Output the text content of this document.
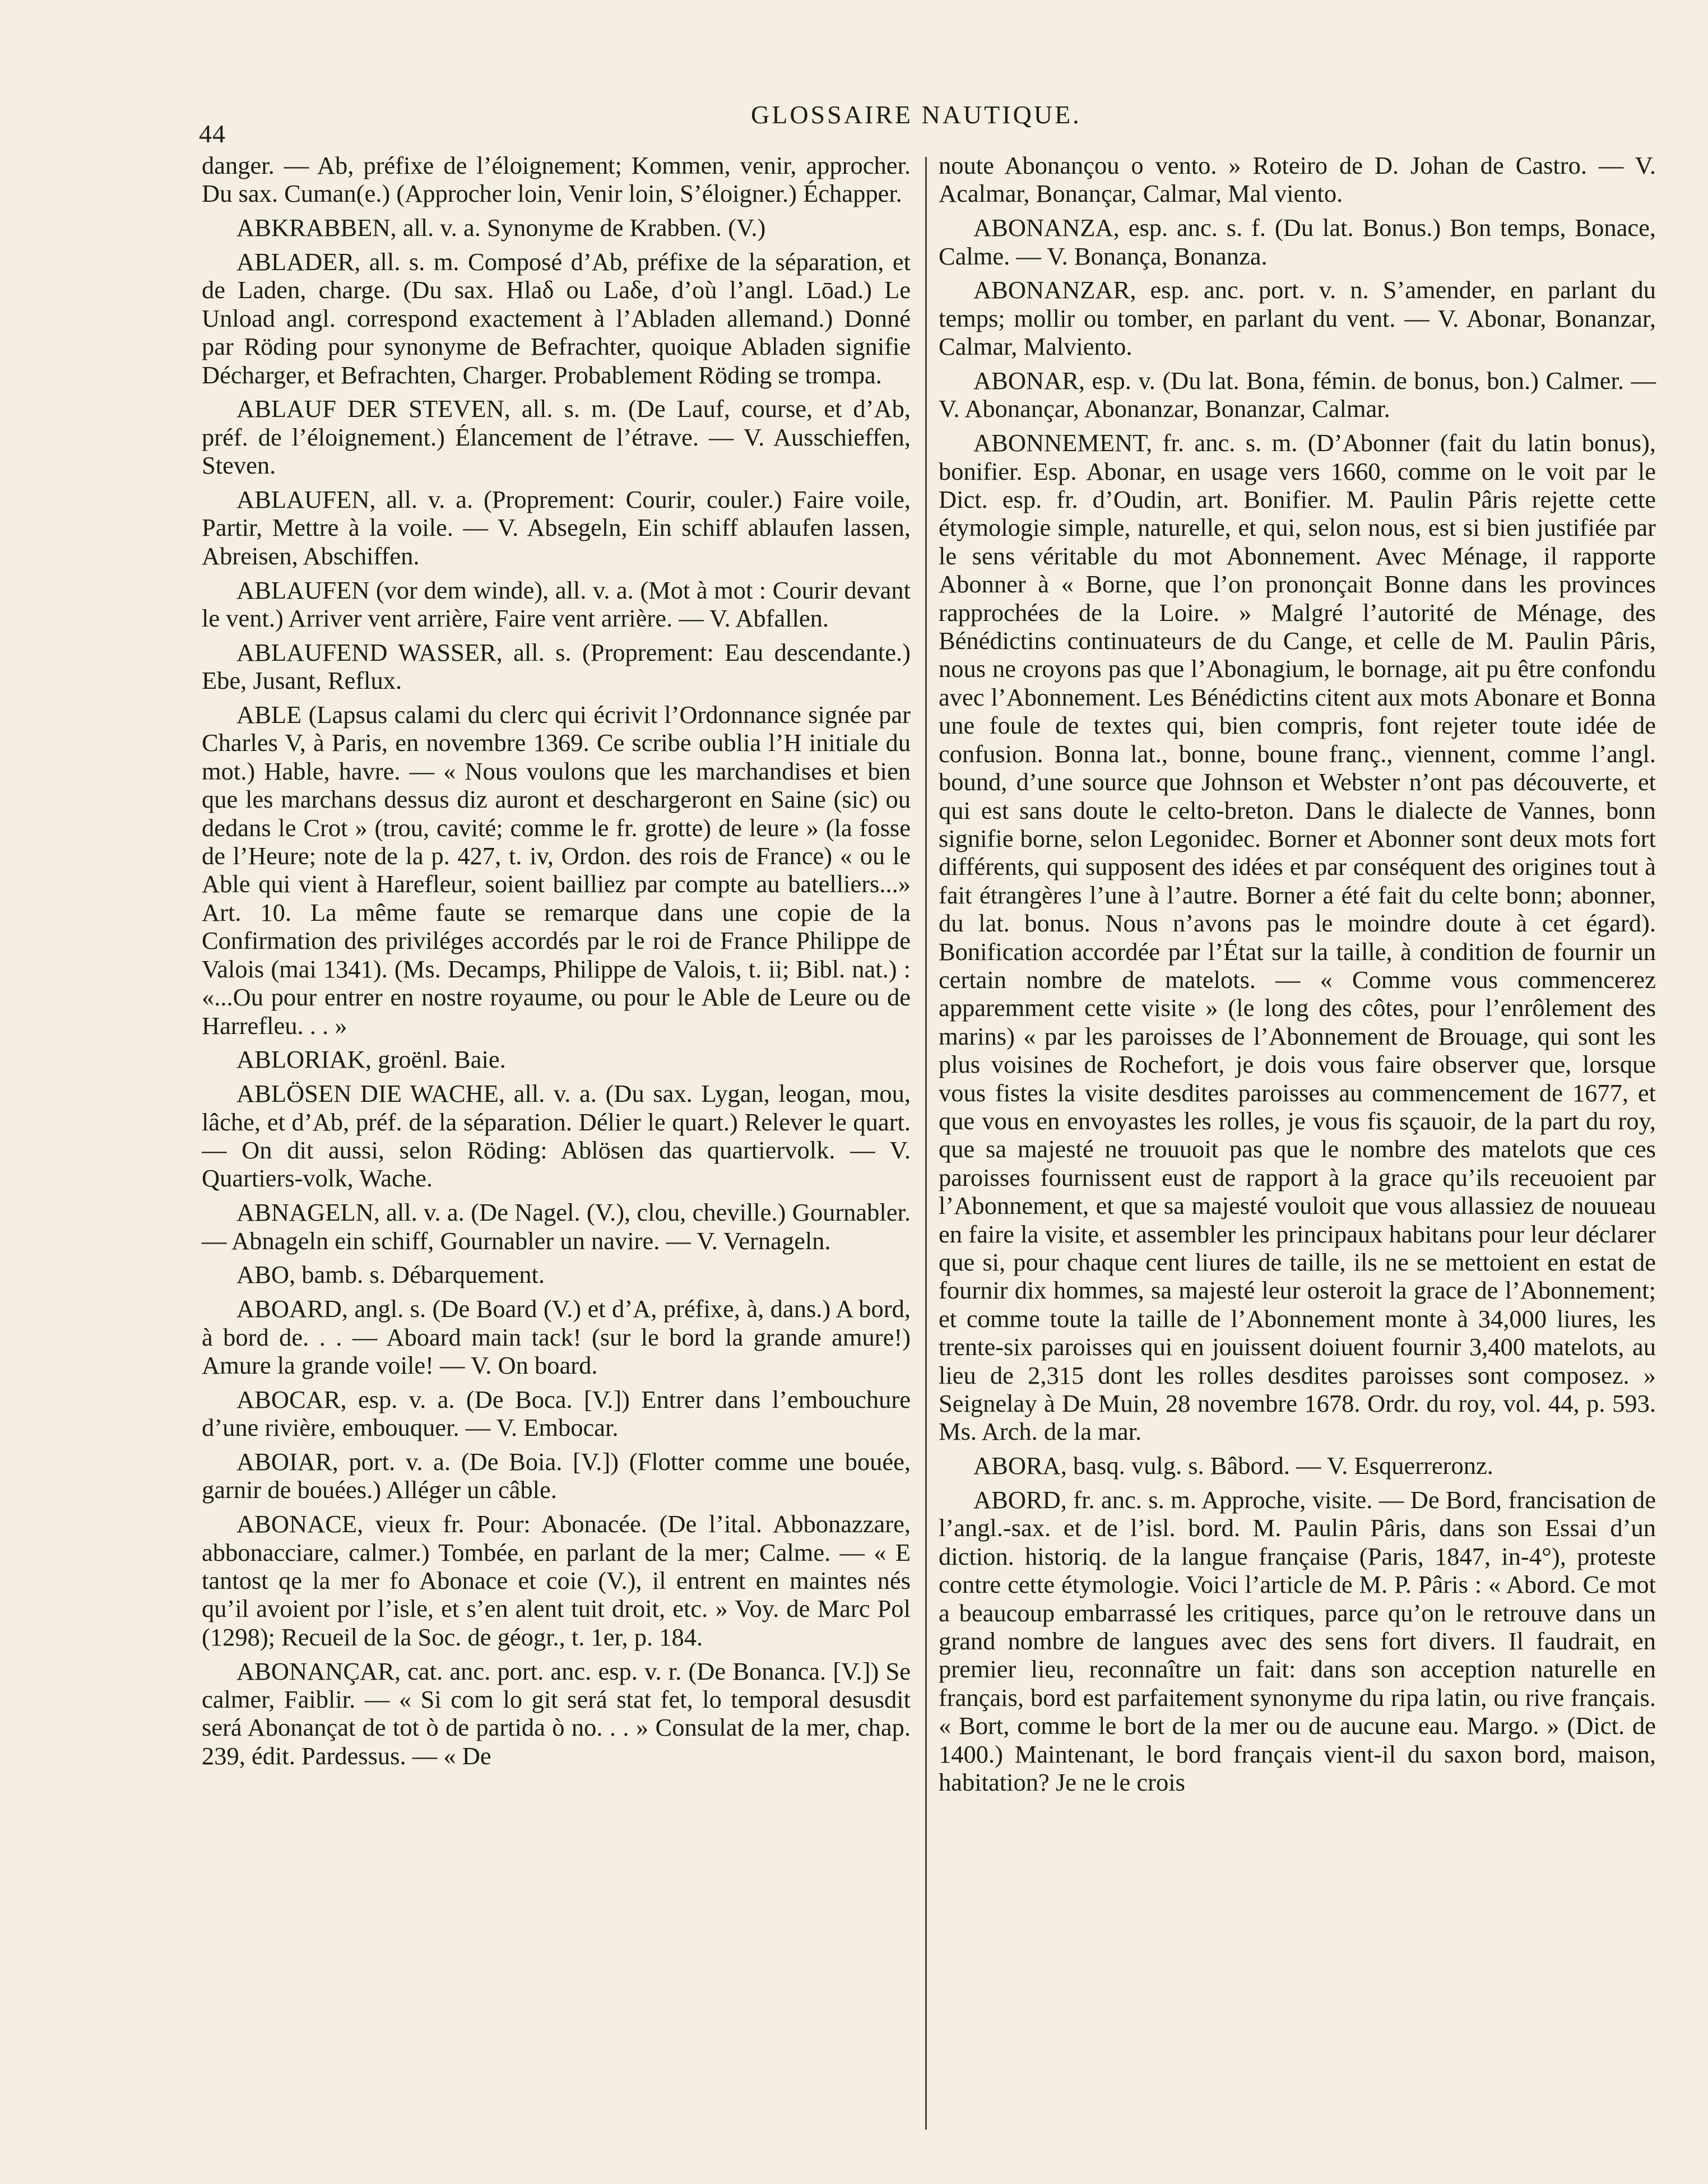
44
GLOSSAIRE NAUTIQUE.

danger. — Ab, préfixe de l’éloignement; Kommen, venir, approcher. Du sax. Cuman(e.) (Approcher loin, Venir loin, S’éloigner.) Échapper.

ABKRABBEN, all. v. a. Synonyme de Krabben. (V.)

ABLADER, all. s. m. Composé d’Ab, préfixe de la séparation, et de Laden, charge. (Du sax. Hlaδ ou Laδe, d’où l’angl. Lōad.) Le Unload angl. correspond exactement à l’Abladen allemand.) Donné par Röding pour synonyme de Befrachter, quoique Abladen signifie Décharger, et Befrachten, Charger. Probablement Röding se trompa.

ABLAUF DER STEVEN, all. s. m. (De Lauf, course, et d’Ab, préf. de l’éloignement.) Élancement de l’étrave. — V. Ausschieffen, Steven.

ABLAUFEN, all. v. a. (Proprement: Courir, couler.) Faire voile, Partir, Mettre à la voile. — V. Absegeln, Ein schiff ablaufen lassen, Abreisen, Abschiffen.

ABLAUFEN (vor dem winde), all. v. a. (Mot à mot : Courir devant le vent.) Arriver vent arrière, Faire vent arrière. — V. Abfallen.

ABLAUFEND WASSER, all. s. (Proprement: Eau descendante.) Ebe, Jusant, Reflux.

ABLE (Lapsus calami du clerc qui écrivit l’Ordonnance signée par Charles V, à Paris, en novembre 1369. Ce scribe oublia l’H initiale du mot.) Hable, havre. — « Nous voulons que les marchandises et bien que les marchans dessus diz auront et deschargeront en Saine (sic) ou dedans le Crot » (trou, cavité; comme le fr. grotte) de leure » (la fosse de l’Heure; note de la p. 427, t. iv, Ordon. des rois de France) « ou le Able qui vient à Harefleur, soient bailliez par compte au batelliers...» Art. 10. La même faute se remarque dans une copie de la Confirmation des priviléges accordés par le roi de France Philippe de Valois (mai 1341). (Ms. Decamps, Philippe de Valois, t. ii; Bibl. nat.) : «...Ou pour entrer en nostre royaume, ou pour le Able de Leure ou de Harrefleu. . . »

ABLORIAK, groënl. Baie.

ABLÖSEN DIE WACHE, all. v. a. (Du sax. Lygan, leogan, mou, lâche, et d’Ab, préf. de la séparation. Délier le quart.) Relever le quart. — On dit aussi, selon Röding: Ablösen das quartiervolk. — V. Quartiers-volk, Wache.

ABNAGELN, all. v. a. (De Nagel. (V.), clou, cheville.) Gournabler. — Abnageln ein schiff, Gournabler un navire. — V. Vernageln.

ABO, bamb. s. Débarquement.

ABOARD, angl. s. (De Board (V.) et d’A, préfixe, à, dans.) A bord, à bord de. . . — Aboard main tack! (sur le bord la grande amure!) Amure la grande voile! — V. On board.

ABOCAR, esp. v. a. (De Boca. [V.]) Entrer dans l’embouchure d’une rivière, embouquer. — V. Embocar.

ABOIAR, port. v. a. (De Boia. [V.]) (Flotter comme une bouée, garnir de bouées.) Alléger un câble.

ABONACE, vieux fr. Pour: Abonacée. (De l’ital. Abbonazzare, abbonacciare, calmer.) Tombée, en parlant de la mer; Calme. — « E tantost qe la mer fo Abonace et coie (V.), il entrent en maintes nés qu’il avoient por l’isle, et s’en alent tuit droit, etc. » Voy. de Marc Pol (1298); Recueil de la Soc. de géogr., t. 1er, p. 184.

ABONANÇAR, cat. anc. port. anc. esp. v. r. (De Bonanca. [V.]) Se calmer, Faiblir. — « Si com lo git será stat fet, lo temporal desusdit será Abonançat de tot ò de partida ò no. . . » Consulat de la mer, chap. 239, édit. Pardessus. — « De

noute Abonançou o vento. » Roteiro de D. Johan de Castro. — V. Acalmar, Bonançar, Calmar, Mal viento.

ABONANZA, esp. anc. s. f. (Du lat. Bonus.) Bon temps, Bonace, Calme. — V. Bonança, Bonanza.

ABONANZAR, esp. anc. port. v. n. S’amender, en parlant du temps; mollir ou tomber, en parlant du vent. — V. Abonar, Bonanzar, Calmar, Malviento.

ABONAR, esp. v. (Du lat. Bona, fémin. de bonus, bon.) Calmer. — V. Abonançar, Abonanzar, Bonanzar, Calmar.

ABONNEMENT, fr. anc. s. m. (D’Abonner (fait du latin bonus), bonifier. Esp. Abonar, en usage vers 1660, comme on le voit par le Dict. esp. fr. d’Oudin, art. Bonifier. M. Paulin Pâris rejette cette étymologie simple, naturelle, et qui, selon nous, est si bien justifiée par le sens véritable du mot Abonnement. Avec Ménage, il rapporte Abonner à « Borne, que l’on prononçait Bonne dans les provinces rapprochées de la Loire. » Malgré l’autorité de Ménage, des Bénédictins continuateurs de du Cange, et celle de M. Paulin Pâris, nous ne croyons pas que l’Abonagium, le bornage, ait pu être confondu avec l’Abonnement. Les Bénédictins citent aux mots Abonare et Bonna une foule de textes qui, bien compris, font rejeter toute idée de confusion. Bonna lat., bonne, boune franç., viennent, comme l’angl. bound, d’une source que Johnson et Webster n’ont pas découverte, et qui est sans doute le celto-breton. Dans le dialecte de Vannes, bonn signifie borne, selon Legonidec. Borner et Abonner sont deux mots fort différents, qui supposent des idées et par conséquent des origines tout à fait étrangères l’une à l’autre. Borner a été fait du celte bonn; abonner, du lat. bonus. Nous n’avons pas le moindre doute à cet égard). Bonification accordée par l’État sur la taille, à condition de fournir un certain nombre de matelots. — « Comme vous commencerez apparemment cette visite » (le long des côtes, pour l’enrôlement des marins) « par les paroisses de l’Abonnement de Brouage, qui sont les plus voisines de Rochefort, je dois vous faire observer que, lorsque vous fistes la visite desdites paroisses au commencement de 1677, et que vous en envoyastes les rolles, je vous fis sçauoir, de la part du roy, que sa majesté ne trouuoit pas que le nombre des matelots que ces paroisses fournissent eust de rapport à la grace qu’ils receuoient par l’Abonnement, et que sa majesté vouloit que vous allassiez de nouueau en faire la visite, et assembler les principaux habitans pour leur déclarer que si, pour chaque cent liures de taille, ils ne se mettoient en estat de fournir dix hommes, sa majesté leur osteroit la grace de l’Abonnement; et comme toute la taille de l’Abonnement monte à 34,000 liures, les trente-six paroisses qui en jouissent doiuent fournir 3,400 matelots, au lieu de 2,315 dont les rolles desdites paroisses sont composez. » Seignelay à De Muin, 28 novembre 1678. Ordr. du roy, vol. 44, p. 593. Ms. Arch. de la mar.

ABORA, basq. vulg. s. Bâbord. — V. Esquerreronz.

ABORD, fr. anc. s. m. Approche, visite. — De Bord, francisation de l’angl.-sax. et de l’isl. bord. M. Paulin Pâris, dans son Essai d’un diction. historiq. de la langue française (Paris, 1847, in-4°), proteste contre cette étymologie. Voici l’article de M. P. Pâris : « Abord. Ce mot a beaucoup embarrassé les critiques, parce qu’on le retrouve dans un grand nombre de langues avec des sens fort divers. Il faudrait, en premier lieu, reconnaître un fait: dans son acception naturelle en français, bord est parfaitement synonyme du ripa latin, ou rive français. « Bort, comme le bort de la mer ou de aucune eau. Margo. » (Dict. de 1400.) Maintenant, le bord français vient-il du saxon bord, maison, habitation? Je ne le crois
